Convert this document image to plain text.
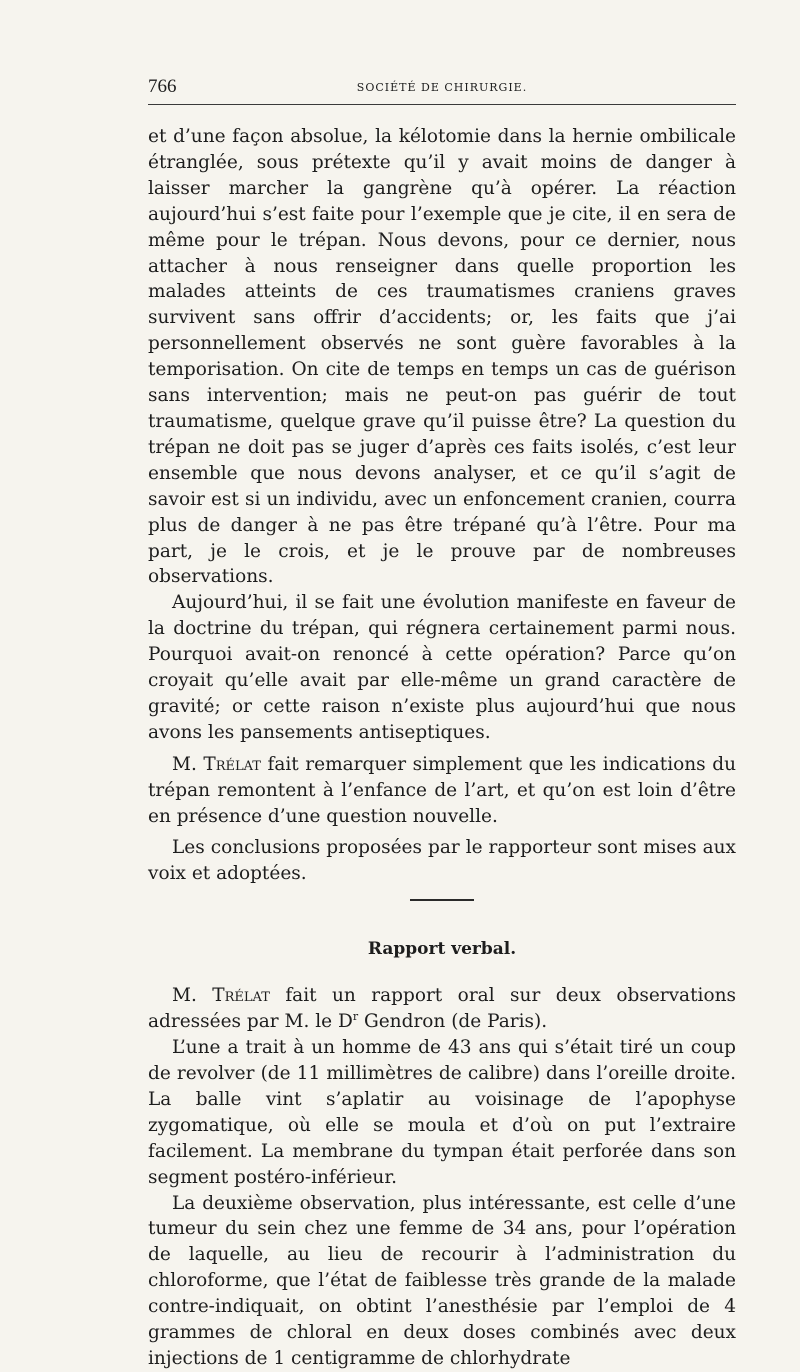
766	SOCIÉTÉ DE CHIRURGIE.

et d’une façon absolue, la kélotomie dans la hernie ombilicale étranglée, sous prétexte qu’il y avait moins de danger à laisser marcher la gangrène qu’à opérer. La réaction aujourd’hui s’est faite pour l’exemple que je cite, il en sera de même pour le trépan. Nous devons, pour ce dernier, nous attacher à nous renseigner dans quelle proportion les malades atteints de ces traumatismes craniens graves survivent sans offrir d’accidents; or, les faits que j’ai personnellement observés ne sont guère favorables à la temporisation. On cite de temps en temps un cas de guérison sans intervention; mais ne peut-on pas guérir de tout traumatisme, quelque grave qu’il puisse être? La question du trépan ne doit pas se juger d’après ces faits isolés, c’est leur ensemble que nous devons analyser, et ce qu’il s’agit de savoir est si un individu, avec un enfoncement cranien, courra plus de danger à ne pas être trépané qu’à l’être. Pour ma part, je le crois, et je le prouve par de nombreuses observations.

Aujourd’hui, il se fait une évolution manifeste en faveur de la doctrine du trépan, qui régnera certainement parmi nous. Pourquoi avait-on renoncé à cette opération? Parce qu’on croyait qu’elle avait par elle-même un grand caractère de gravité; or cette raison n’existe plus aujourd’hui que nous avons les pansements antiseptiques.

M. Trélat fait remarquer simplement que les indications du trépan remontent à l’enfance de l’art, et qu’on est loin d’être en présence d’une question nouvelle.

Les conclusions proposées par le rapporteur sont mises aux voix et adoptées.

Rapport verbal.

M. Trélat fait un rapport oral sur deux observations adressées par M. le $D^r$ Gendron (de Paris).

L’une a trait à un homme de 43 ans qui s’était tiré un coup de revolver (de 11 millimètres de calibre) dans l’oreille droite. La balle vint s’aplatir au voisinage de l’apophyse zygomatique, où elle se moula et d’où on put l’extraire facilement. La membrane du tympan était perforée dans son segment postéro-inférieur.

La deuxième observation, plus intéressante, est celle d’une tumeur du sein chez une femme de 34 ans, pour l’opération de laquelle, au lieu de recourir à l’administration du chloroforme, que l’état de faiblesse très grande de la malade contre-indiquait, on obtint l’anesthésie par l’emploi de 4 grammes de chloral en deux doses combinés avec deux injections de 1 centigramme de chlorhydrate
